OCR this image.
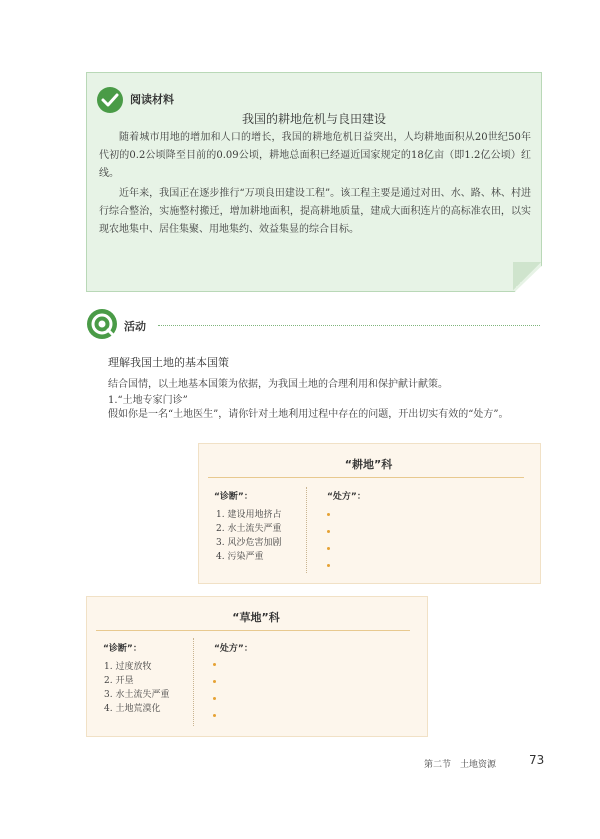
阅读材料
我国的耕地危机与良田建设

随着城市用地的增加和人口的增长，我国的耕地危机日益突出，人均耕地面积从20世纪50年代初的0.2公顷降至目前的0.09公顷，耕地总面积已经逼近国家规定的18亿亩（即1.2亿公顷）红线。

近年来，我国正在逐步推行“万项良田建设工程”。该工程主要是通过对田、水、路、林、村进行综合整治，实施整村搬迁，增加耕地面积，提高耕地质量，建成大面积连片的高标准农田，以实现农地集中、居住集聚、用地集约、效益集显的综合目标。

活动
理解我国土地的基本国策

结合国情，以土地基本国策为依据，为我国土地的合理利用和保护献计献策。

1.“土地专家门诊”

假如你是一名“土地医生”，请你针对土地利用过程中存在的问题，开出切实有效的“处方”。

“耕地”科
“诊断”：	“处方”：
1. 建设用地挤占
2. 水土流失严重
3. 风沙危害加剧
4. 污染严重
“草地”科
“诊断”：	“处方”：
1. 过度放牧
2. 开垦
3. 水土流失严重
4. 土地荒漠化
第二节　土地资源	73
